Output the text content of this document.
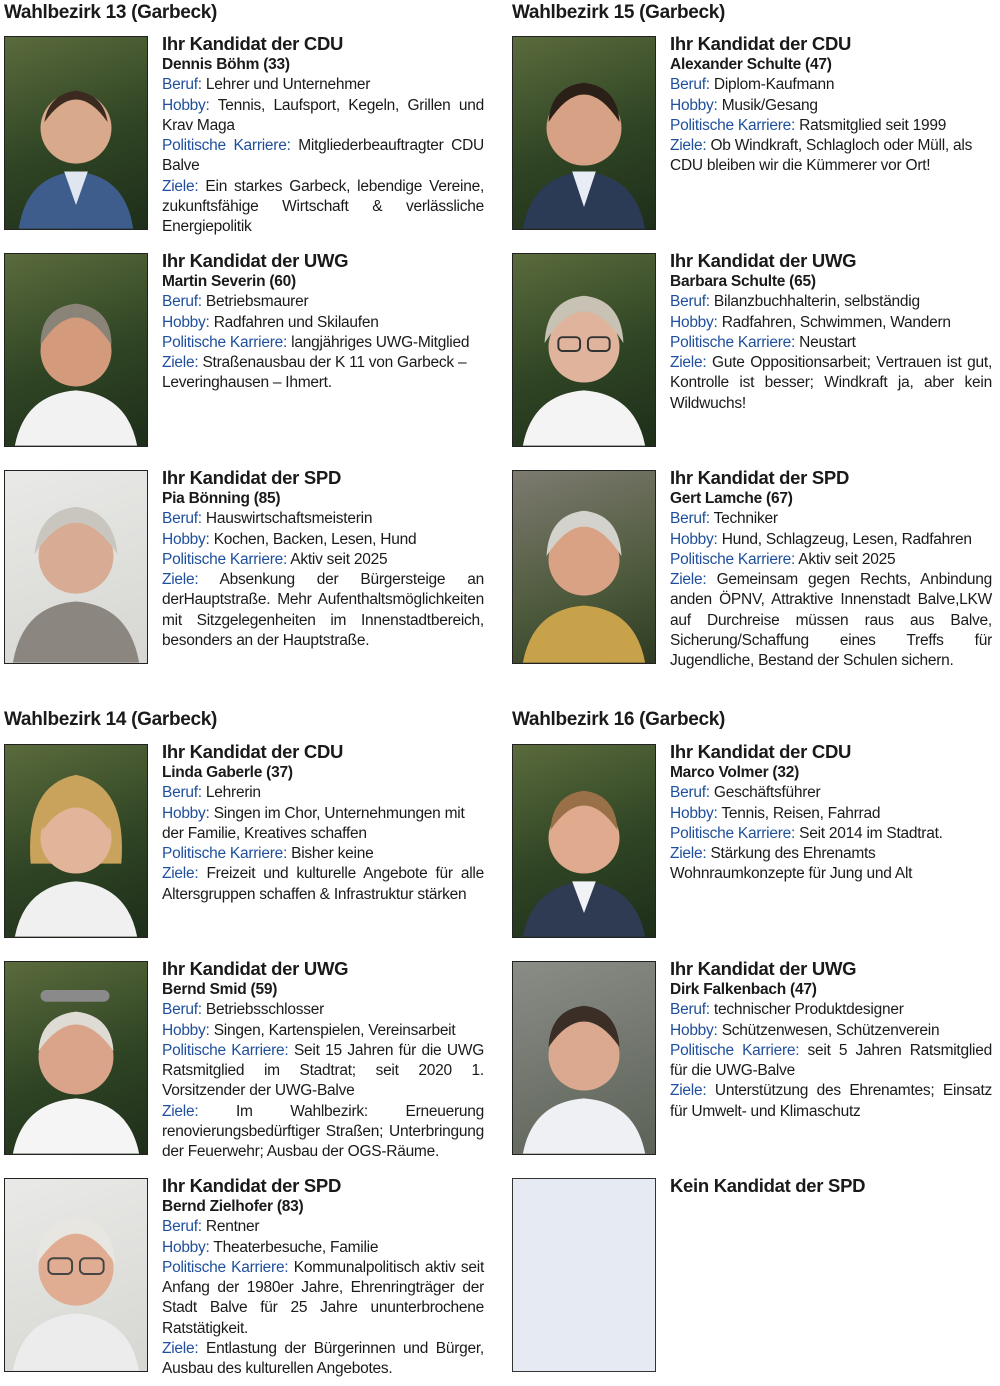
Wahlbezirk 13 (Garbeck)	Wahlbezirk 15 (Garbeck)
Wahlbezirk 14 (Garbeck)	Wahlbezirk 16 (Garbeck)

Ihr Kandidat der CDU

Dennis Böhm (33)

Beruf: Lehrer und Unternehmer

Hobby: Tennis, Laufsport, Kegeln, Grillen und Krav Maga

Politische Karriere: Mitgliederbeauftragter CDU Balve

Ziele: Ein starkes Garbeck, lebendige Vereine, zukunftsfähige Wirtschaft & verlässliche Energiepolitik

Ihr Kandidat der UWG

Martin Severin (60)

Beruf: Betriebsmaurer

Hobby: Radfahren und Skilaufen

Politische Karriere: langjähriges UWG-Mitglied

Ziele: Straßenausbau der K 11 von Garbeck – Leveringhausen – Ihmert.

Ihr Kandidat der SPD

Pia Bönning (85)

Beruf: Hauswirtschaftsmeisterin

Hobby: Kochen, Backen, Lesen, Hund

Politische Karriere: Aktiv seit 2025

Ziele: Absenkung der Bürgersteige an derHauptstraße. Mehr Aufenthaltsmöglichkeiten mit Sitzgelegenheiten im Innenstadtbereich, besonders an der Hauptstraße.

Ihr Kandidat der CDU

Alexander Schulte (47)

Beruf: Diplom-Kaufmann

Hobby: Musik/Gesang

Politische Karriere: Ratsmitglied seit 1999

Ziele: Ob Windkraft, Schlagloch oder Müll, als CDU bleiben wir die Kümmerer vor Ort!

Ihr Kandidat der UWG

Barbara Schulte (65)

Beruf: Bilanzbuchhalterin, selbständig

Hobby: Radfahren, Schwimmen, Wandern

Politische Karriere: Neustart

Ziele: Gute Oppositionsarbeit; Vertrauen ist gut, Kontrolle ist besser; Windkraft ja, aber kein Wildwuchs!

Ihr Kandidat der SPD

Gert Lamche (67)

Beruf: Techniker

Hobby: Hund, Schlagzeug, Lesen, Radfahren

Politische Karriere: Aktiv seit 2025

Ziele: Gemeinsam gegen Rechts, Anbindung anden ÖPNV, Attraktive Innenstadt Balve,LKW auf Durchreise müssen raus aus Balve, Sicherung/Schaffung eines Treffs für Jugendliche, Bestand der Schulen sichern.

Ihr Kandidat der CDU

Linda Gaberle (37)

Beruf: Lehrerin

Hobby: Singen im Chor, Unternehmungen mit der Familie, Kreatives schaffen

Politische Karriere: Bisher keine

Ziele: Freizeit und kulturelle Angebote für alle Altersgruppen schaffen & Infrastruktur stärken

Ihr Kandidat der UWG

Bernd Smid (59)

Beruf: Betriebsschlosser

Hobby: Singen, Kartenspielen, Vereinsarbeit

Politische Karriere: Seit 15 Jahren für die UWG Ratsmitglied im Stadtrat; seit 2020 1. Vorsitzender der UWG-Balve

Ziele: Im Wahlbezirk: Erneuerung renovierungsbedürftiger Straßen; Unterbringung der Feuerwehr; Ausbau der OGS-Räume.

Ihr Kandidat der SPD

Bernd Zielhofer (83)

Beruf: Rentner

Hobby: Theaterbesuche, Familie

Politische Karriere: Kommunalpolitisch aktiv seit Anfang der 1980er Jahre, Ehrenringträger der Stadt Balve für 25 Jahre ununterbrochene Ratstätigkeit.

Ziele: Entlastung der Bürgerinnen und Bürger, Ausbau des kulturellen Angebotes.

Ihr Kandidat der CDU

Marco Volmer (32)

Beruf: Geschäftsführer

Hobby: Tennis, Reisen, Fahrrad

Politische Karriere: Seit 2014 im Stadtrat.

Ziele: Stärkung des Ehrenamts Wohnraumkonzepte für Jung und Alt

Ihr Kandidat der UWG

Dirk Falkenbach (47)

Beruf: technischer Produktdesigner

Hobby: Schützenwesen, Schützenverein

Politische Karriere: seit 5 Jahren Ratsmitglied für die UWG-Balve

Ziele: Unterstützung des Ehrenamtes; Einsatz für Umwelt- und Klimaschutz

Kein Kandidat der SPD
